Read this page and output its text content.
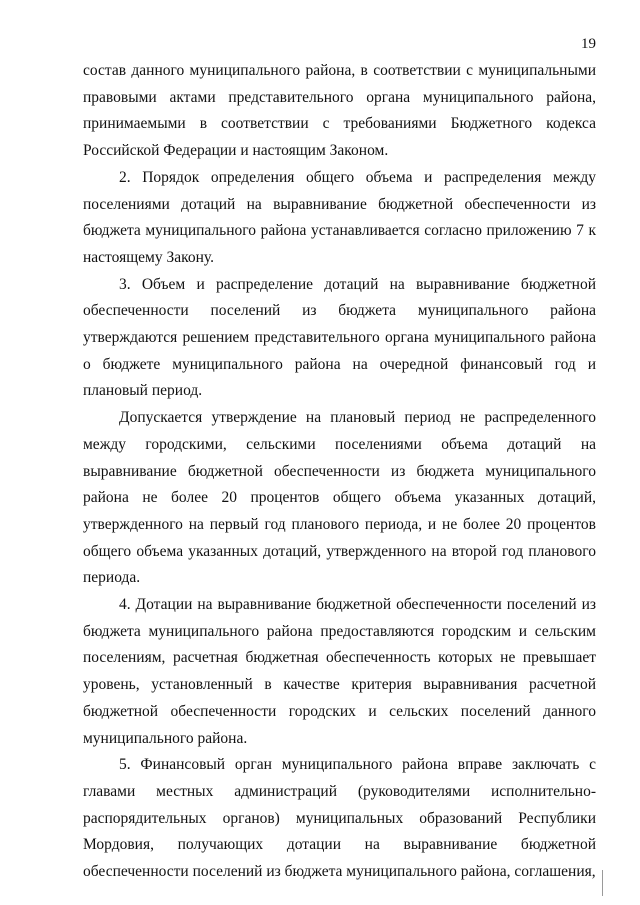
19

состав данного муниципального района, в соответствии с муниципальными правовыми актами представительного органа муниципального района, принимаемыми в соответствии с требованиями Бюджетного кодекса Российской Федерации и настоящим Законом.

2. Порядок определения общего объема и распределения между поселениями дотаций на выравнивание бюджетной обеспеченности из бюджета муниципального района устанавливается согласно приложению 7 к настоящему Закону.

3. Объем и распределение дотаций на выравнивание бюджетной обеспеченности поселений из бюджета муниципального района утверждаются решением представительного органа муниципального района о бюджете муниципального района на очередной финансовый год и плановый период.

Допускается утверждение на плановый период не распределенного между городскими, сельскими поселениями объема дотаций на выравнивание бюджетной обеспеченности из бюджета муниципального района не более 20 процентов общего объема указанных дотаций, утвержденного на первый год планового периода, и не более 20 процентов общего объема указанных дотаций, утвержденного на второй год планового периода.

4. Дотации на выравнивание бюджетной обеспеченности поселений из бюджета муниципального района предоставляются городским и сельским поселениям, расчетная бюджетная обеспеченность которых не превышает уровень, установленный в качестве критерия выравнивания расчетной бюджетной обеспеченности городских и сельских поселений данного муниципального района.

5. Финансовый орган муниципального района вправе заключать с главами местных администраций (руководителями исполнительно-распорядительных органов) муниципальных образований Республики Мордовия, получающих дотации на выравнивание бюджетной обеспеченности поселений из бюджета муниципального района, соглашения,
